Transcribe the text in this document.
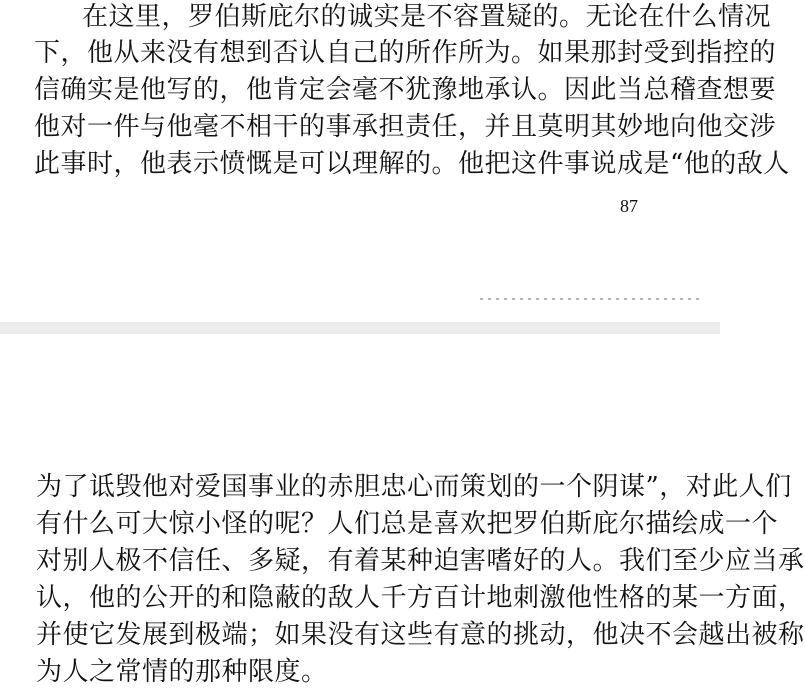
在这里，罗伯斯庇尔的诚实是不容置疑的。无论在什么情况
下，他从来没有想到否认自己的所作所为。如果那封受到指控的
信确实是他写的，他肯定会毫不犹豫地承认。因此当总稽查想要
他对一件与他毫不相干的事承担责任，并且莫明其妙地向他交涉
此事时，他表示愤慨是可以理解的。他把这件事说成是“他的敌人
87
为了诋毁他对爱国事业的赤胆忠心而策划的一个阴谋”，对此人们
有什么可大惊小怪的呢？人们总是喜欢把罗伯斯庇尔描绘成一个
对别人极不信任、多疑，有着某种迫害嗜好的人。我们至少应当承
认，他的公开的和隐蔽的敌人千方百计地刺激他性格的某一方面，
并使它发展到极端；如果没有这些有意的挑动，他决不会越出被称
为人之常情的那种限度。
